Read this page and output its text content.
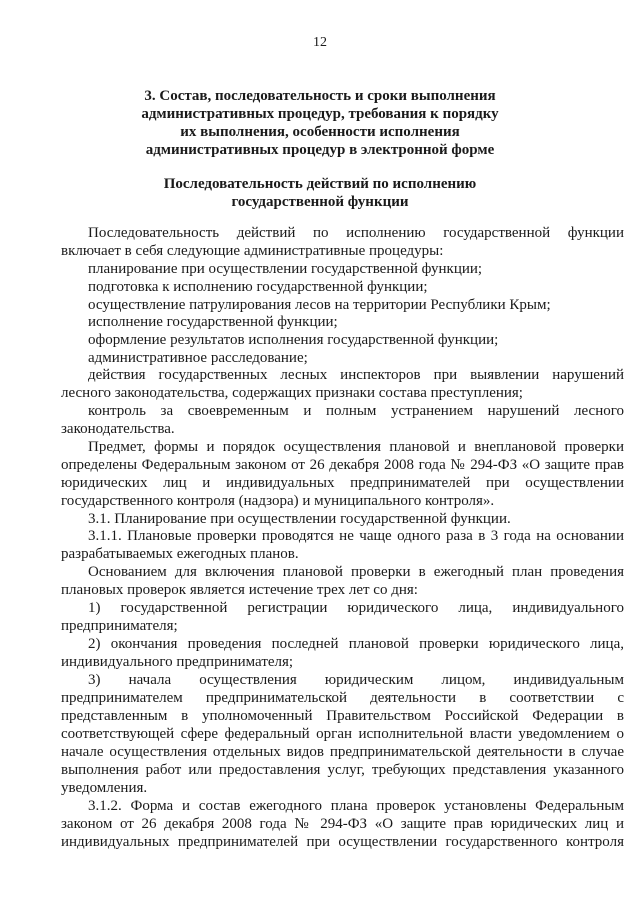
12
3. Состав, последовательность и сроки выполнения
административных процедур, требования к порядку
их выполнения, особенности исполнения
административных процедур в электронной форме
Последовательность действий по исполнению
государственной функции
Последовательность действий по исполнению государственной функции
включает в себя следующие административные процедуры:
планирование при осуществлении государственной функции;
подготовка к исполнению государственной функции;
осуществление патрулирования лесов на территории Республики Крым;
исполнение государственной функции;
оформление результатов исполнения государственной функции;
административное расследование;
действия государственных лесных инспекторов при выявлении нарушений
лесного законодательства, содержащих признаки состава преступления;
контроль за своевременным и полным устранением нарушений лесного
законодательства.
Предмет, формы и порядок осуществления плановой и внеплановой проверки
определены Федеральным законом от 26 декабря 2008 года № 294-ФЗ «О защите прав
юридических лиц и индивидуальных предпринимателей при осуществлении
государственного контроля (надзора) и муниципального контроля».
3.1. Планирование при осуществлении государственной функции.
3.1.1. Плановые проверки проводятся не чаще одного раза в 3 года на основании
разрабатываемых ежегодных планов.
Основанием для включения плановой проверки в ежегодный план проведения
плановых проверок является истечение трех лет со дня:
1) государственной регистрации юридического лица, индивидуального
предпринимателя;
2) окончания проведения последней плановой проверки юридического лица,
индивидуального предпринимателя;
3) начала осуществления юридическим лицом, индивидуальным
предпринимателем предпринимательской деятельности в соответствии с
представленным в уполномоченный Правительством Российской Федерации в
соответствующей сфере федеральный орган исполнительной власти уведомлением о
начале осуществления отдельных видов предпринимательской деятельности в случае
выполнения работ или предоставления услуг, требующих представления указанного
уведомления.
3.1.2. Форма и состав ежегодного плана проверок установлены Федеральным
законом от 26 декабря 2008 года № 294-ФЗ «О защите прав юридических лиц и
индивидуальных предпринимателей при осуществлении государственного контроля
